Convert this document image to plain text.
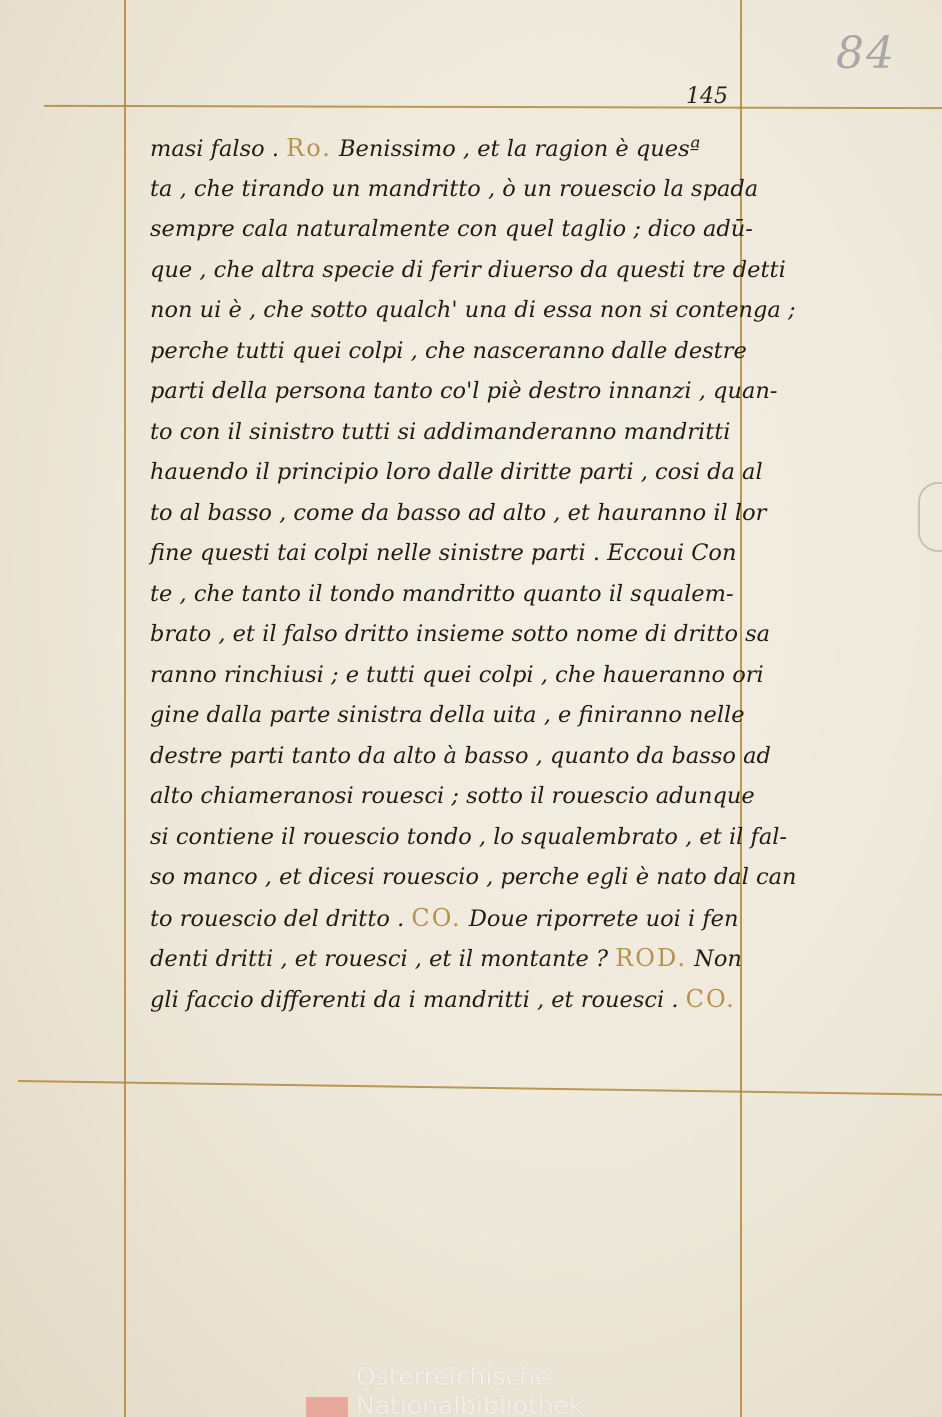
84
145
masi falso . Ro. Benissimo , et la ragion è quesª
ta , che tirando un mandritto , ò un rouescio la spada
sempre cala naturalmente con quel taglio ; dico adū-
que , che altra specie di ferir diuerso da questi tre detti
non ui è , che sotto qualch' una di essa non si contenga ;
perche tutti quei colpi , che nasceranno dalle destre
parti della persona tanto co'l piè destro innanzi , quan-
to con il sinistro tutti si addimanderanno mandritti
hauendo il principio loro dalle diritte parti , cosi da al
to al basso , come da basso ad alto , et hauranno il lor
fine questi tai colpi nelle sinistre parti . Eccoui Con
te , che tanto il tondo mandritto quanto il squalem-
brato , et il falso dritto insieme sotto nome di dritto sa
ranno rinchiusi ; e tutti quei colpi , che haueranno ori
gine dalla parte sinistra della uita , e finiranno nelle
destre parti tanto da alto à basso , quanto da basso ad
alto chiameranosi rouesci ; sotto il rouescio adunque
si contiene il rouescio tondo , lo squalembrato , et il fal-
so manco , et dicesi rouescio , perche egli è nato dal can
to rouescio del dritto . CO. Doue riporrete uoi i fen
denti dritti , et rouesci , et il montante ? ROD. Non
gli faccio differenti da i mandritti , et rouesci . CO.
Österreichische
Nationalbibliothek
